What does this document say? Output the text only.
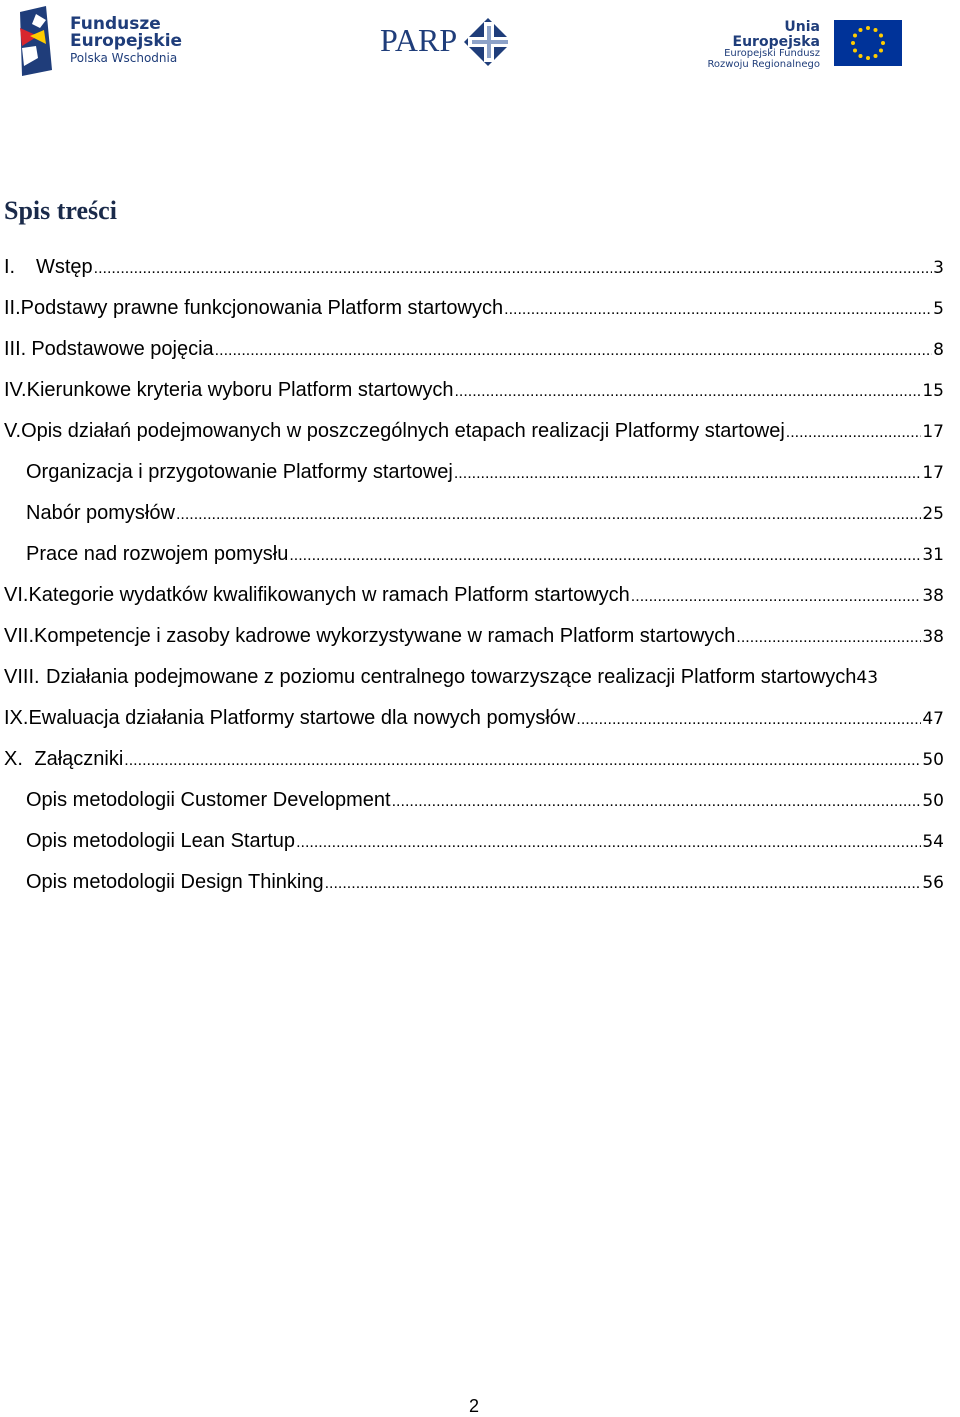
Fundusze
Europejskie
Polska Wschodnia	PARP	Unia Europejska
Europejski Fundusz
Rozwoju Regionalnego
Spis treści
I.	Wstęp .....	3
II. Podstawy prawne funkcjonowania Platform startowych .....	5
III. Podstawowe pojęcia .....	8
IV. Kierunkowe kryteria wyboru Platform startowych .....	15
V. Opis działań podejmowanych w poszczególnych etapach realizacji Platformy startowej .....	17
Organizacja i przygotowanie Platformy startowej .....	17
Nabór pomysłów .....	25
Prace nad rozwojem pomysłu .....	31
VI. Kategorie wydatków kwalifikowanych w ramach Platform startowych .....	38
VII. Kompetencje i zasoby kadrowe wykorzystywane w ramach Platform startowych .....	38
VIII. Działania podejmowane z poziomu centralnego towarzyszące realizacji Platform startowych 43
IX. Ewaluacja działania Platformy startowe dla nowych pomysłów .....	47
X. Załączniki .....	50
Opis metodologii Customer Development .....	50
Opis metodologii Lean Startup .....	54
Opis metodologii Design Thinking .....	56
2
